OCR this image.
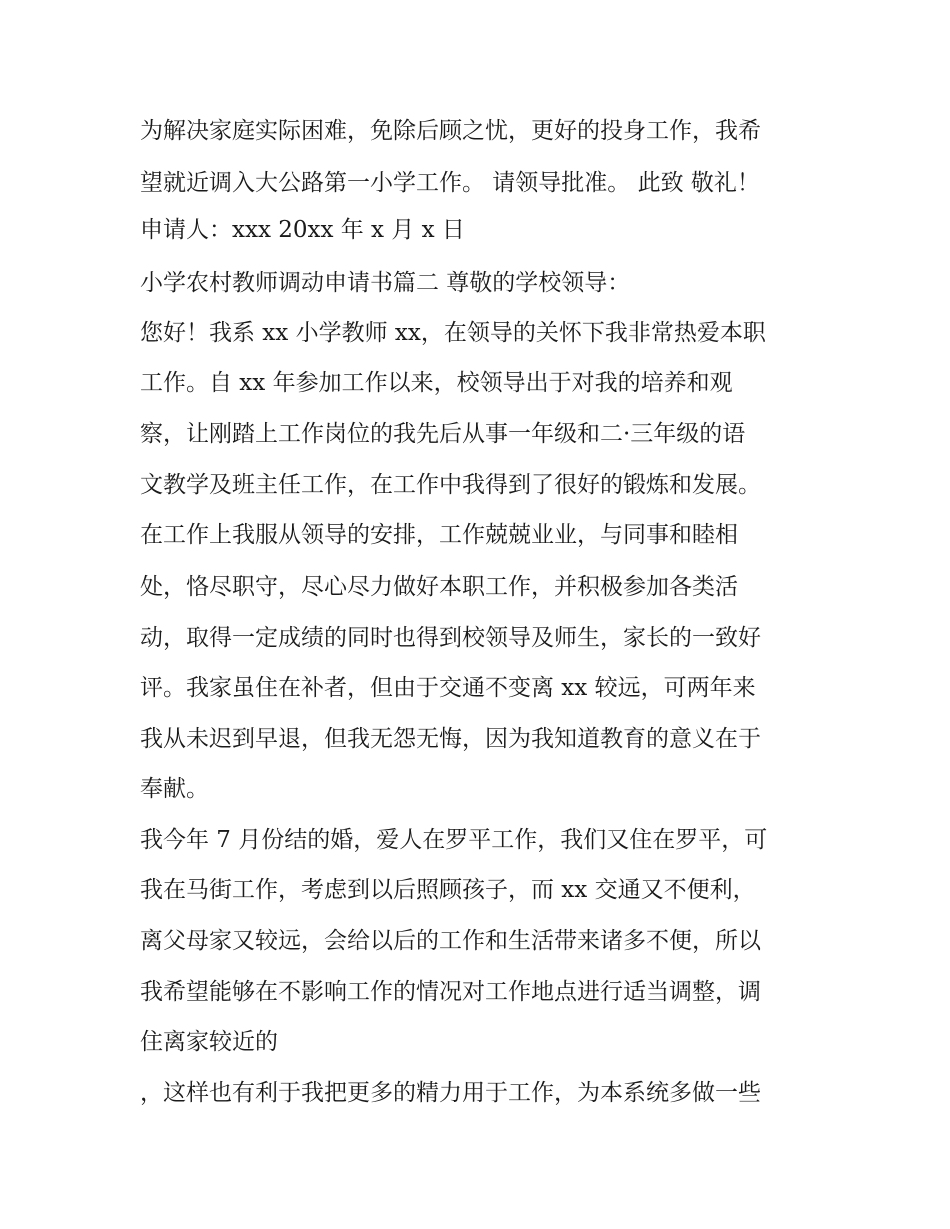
为解决家庭实际困难，免除后顾之忧，更好的投身工作，我希
望就近调入大公路第一小学工作。 请领导批准。 此致 敬礼！
申请人：xxx 20xx 年 x 月 x 日
小学农村教师调动申请书篇二 尊敬的学校领导：
您好！我系 xx 小学教师 xx，在领导的关怀下我非常热爱本职
工作。自 xx 年参加工作以来，校领导出于对我的培养和观
察，让刚踏上工作岗位的我先后从事一年级和二·三年级的语
文教学及班主任工作，在工作中我得到了很好的锻炼和发展。
在工作上我服从领导的安排，工作兢兢业业，与同事和睦相
处，恪尽职守，尽心尽力做好本职工作，并积极参加各类活
动，取得一定成绩的同时也得到校领导及师生，家长的一致好
评。我家虽住在补者，但由于交通不变离 xx 较远，可两年来
我从未迟到早退，但我无怨无悔，因为我知道教育的意义在于
奉献。
我今年 7 月份结的婚，爱人在罗平工作，我们又住在罗平，可
我在马街工作，考虑到以后照顾孩子，而 xx 交通又不便利，
离父母家又较远，会给以后的工作和生活带来诸多不便，所以
我希望能够在不影响工作的情况对工作地点进行适当调整，调
住离家较近的
，这样也有利于我把更多的精力用于工作，为本系统多做一些
